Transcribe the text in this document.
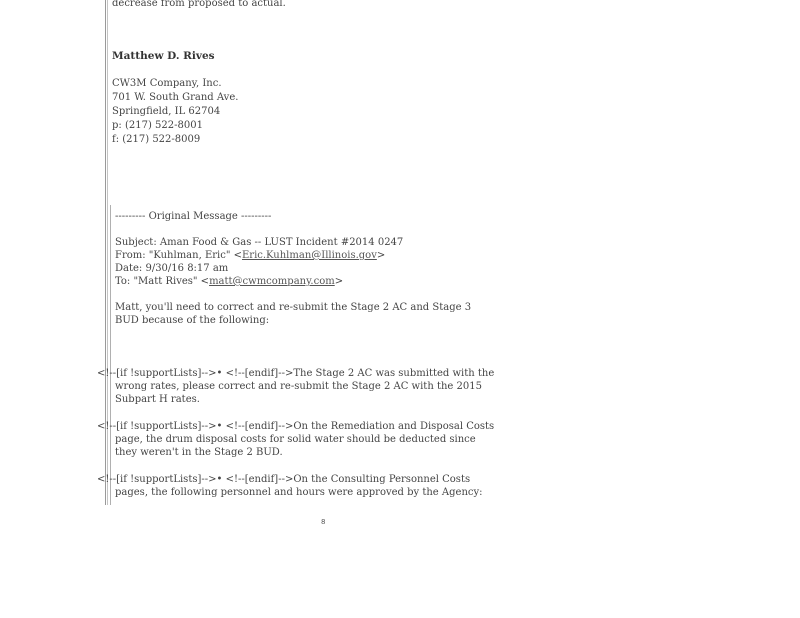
decrease from proposed to actual.
Matthew D. Rives
CW3M Company, Inc.
701 W. South Grand Ave.
Springfield, IL 62704
p: (217) 522-8001
f: (217) 522-8009
--------- Original Message ---------
Subject: Aman Food & Gas -- LUST Incident #2014 0247
From: "Kuhlman, Eric" <Eric.Kuhlman@Illinois.gov>
Date: 9/30/16 8:17 am
To: "Matt Rives" <matt@cwmcompany.com>
Matt, you'll need to correct and re-submit the Stage 2 AC and Stage 3
BUD because of the following:
<!--[if !supportLists]-->• <!--[endif]-->The Stage 2 AC was submitted with the
wrong rates, please correct and re-submit the Stage 2 AC with the 2015
Subpart H rates.
<!--[if !supportLists]-->• <!--[endif]-->On the Remediation and Disposal Costs
page, the drum disposal costs for solid water should be deducted since
they weren't in the Stage 2 BUD.
<!--[if !supportLists]-->• <!--[endif]-->On the Consulting Personnel Costs
pages, the following personnel and hours were approved by the Agency:
8
